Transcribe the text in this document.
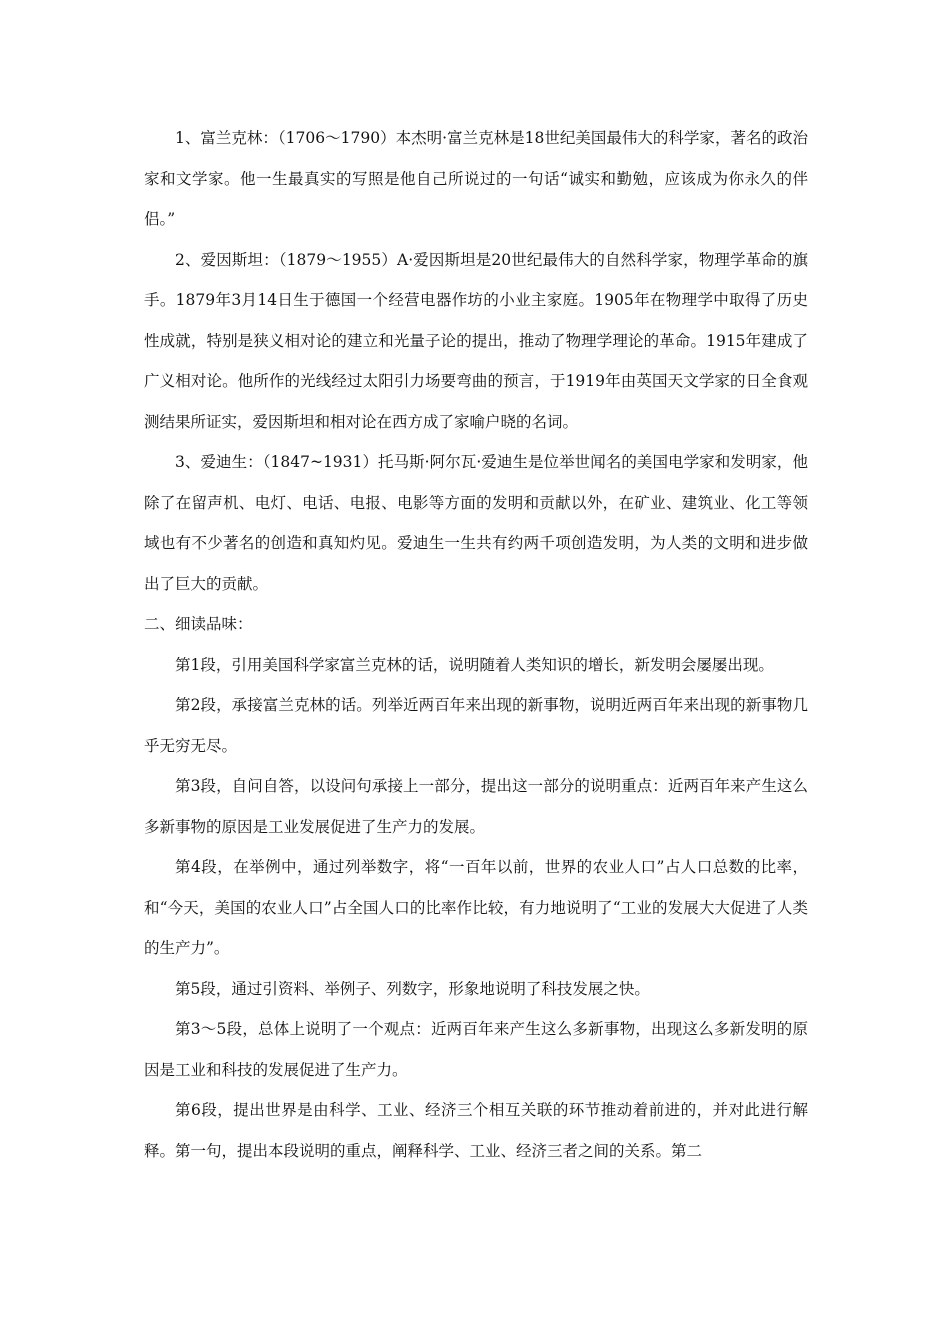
1、富兰克林：（1706～1790）本杰明·富兰克林是18世纪美国最伟大的科学家，著名的政治家和文学家。他一生最真实的写照是他自己所说过的一句话“诚实和勤勉，应该成为你永久的伴侣。”

2、爱因斯坦：（1879～1955）A·爱因斯坦是20世纪最伟大的自然科学家，物理学革命的旗手。1879年3月14日生于德国一个经营电器作坊的小业主家庭。1905年在物理学中取得了历史性成就，特别是狭义相对论的建立和光量子论的提出，推动了物理学理论的革命。1915年建成了广义相对论。他所作的光线经过太阳引力场要弯曲的预言，于1919年由英国天文学家的日全食观测结果所证实，爱因斯坦和相对论在西方成了家喻户晓的名词。

3、爱迪生：（1847~1931）托马斯·阿尔瓦·爱迪生是位举世闻名的美国电学家和发明家，他除了在留声机、电灯、电话、电报、电影等方面的发明和贡献以外，在矿业、建筑业、化工等领域也有不少著名的创造和真知灼见。爱迪生一生共有约两千项创造发明，为人类的文明和进步做出了巨大的贡献。

二、细读品味：

第1段，引用美国科学家富兰克林的话，说明随着人类知识的增长，新发明会屡屡出现。

第2段，承接富兰克林的话。列举近两百年来出现的新事物，说明近两百年来出现的新事物几乎无穷无尽。

第3段，自问自答，以设问句承接上一部分，提出这一部分的说明重点：近两百年来产生这么多新事物的原因是工业发展促进了生产力的发展。

第4段，在举例中，通过列举数字，将“一百年以前，世界的农业人口”占人口总数的比率，和“今天，美国的农业人口”占全国人口的比率作比较，有力地说明了“工业的发展大大促进了人类的生产力”。

第5段，通过引资料、举例子、列数字，形象地说明了科技发展之快。

第3～5段，总体上说明了一个观点：近两百年来产生这么多新事物，出现这么多新发明的原因是工业和科技的发展促进了生产力。

第6段，提出世界是由科学、工业、经济三个相互关联的环节推动着前进的，并对此进行解释。第一句，提出本段说明的重点，阐释科学、工业、经济三者之间的关系。第二
